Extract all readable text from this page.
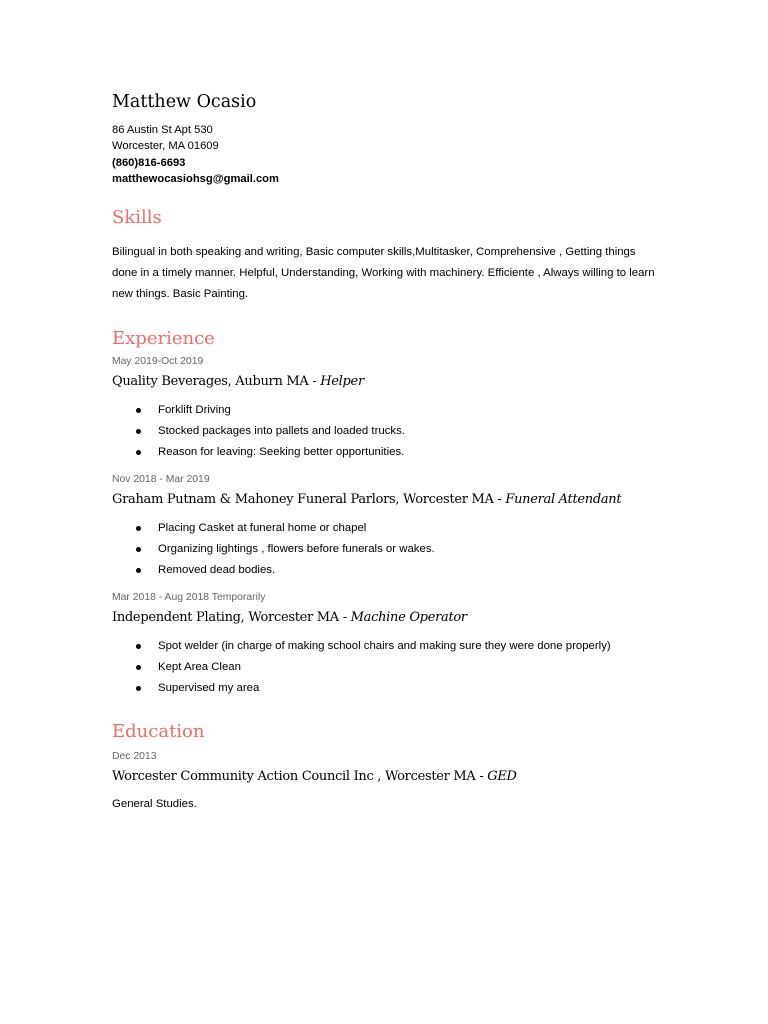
Matthew Ocasio
86 Austin St Apt 530
Worcester, MA 01609
(860)816-6693
matthewocasiohsg@gmail.com
Skills
Bilingual in both speaking and writing, Basic computer skills,Multitasker, Comprehensive , Getting things done in a timely manner. Helpful, Understanding, Working with machinery. Efficiente , Always willing to learn new things. Basic Painting.
Experience
May 2019-Oct 2019
Quality Beverages, Auburn MA - Helper
Forklift Driving
Stocked packages into pallets and loaded trucks.
Reason for leaving: Seeking better opportunities.
Nov 2018 - Mar 2019
Graham Putnam & Mahoney Funeral Parlors, Worcester MA - Funeral Attendant
Placing Casket at funeral home or chapel
Organizing lightings , flowers before funerals or wakes.
Removed dead bodies.
Mar 2018 - Aug 2018 Temporarily
Independent Plating, Worcester MA - Machine Operator
Spot welder (in charge of making school chairs and making sure they were done properly)
Kept Area Clean
Supervised my area
Education
Dec 2013
Worcester Community Action Council Inc , Worcester MA - GED
General Studies.
